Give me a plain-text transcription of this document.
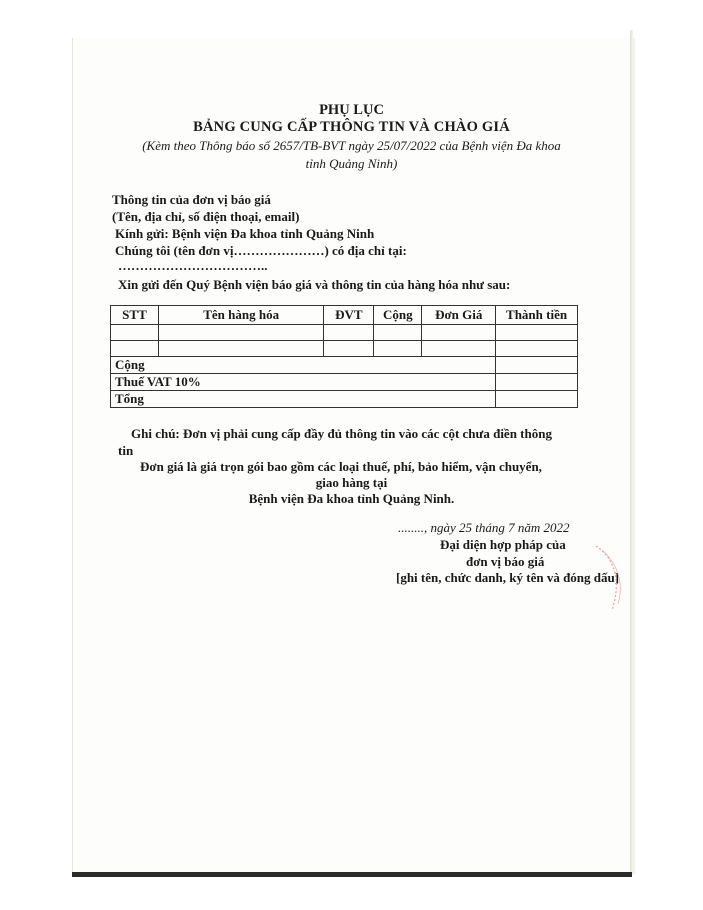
PHỤ LỤC
BẢNG CUNG CẤP THÔNG TIN VÀ CHÀO GIÁ
(Kèm theo Thông báo số 2657/TB-BVT ngày 25/07/2022 của Bệnh viện Đa khoa
tỉnh Quảng Ninh)
Thông tin của đơn vị báo giá
(Tên, địa chỉ, số điện thoại, email)
Kính gửi: Bệnh viện Đa khoa tỉnh Quảng Ninh
Chúng tôi (tên đơn vị…………………) có địa chỉ tại:
……………………………..
Xin gửi đến Quý Bệnh viện báo giá và thông tin của hàng hóa như sau:
STT	Tên hàng hóa	ĐVT	Cộng	Đơn Giá	Thành tiền

Cộng					
Thuế VAT 10%					
Tổng					
Ghi chú: Đơn vị phải cung cấp đầy đủ thông tin vào các cột chưa điền thông
tin
Đơn giá là giá trọn gói bao gồm các loại thuế, phí, bảo hiểm, vận chuyển,
giao hàng tại
Bệnh viện Đa khoa tỉnh Quảng Ninh.
........, ngày 25 tháng 7 năm 2022
Đại diện hợp pháp của
đơn vị báo giá
[ghi tên, chức danh, ký tên và đóng dấu]
